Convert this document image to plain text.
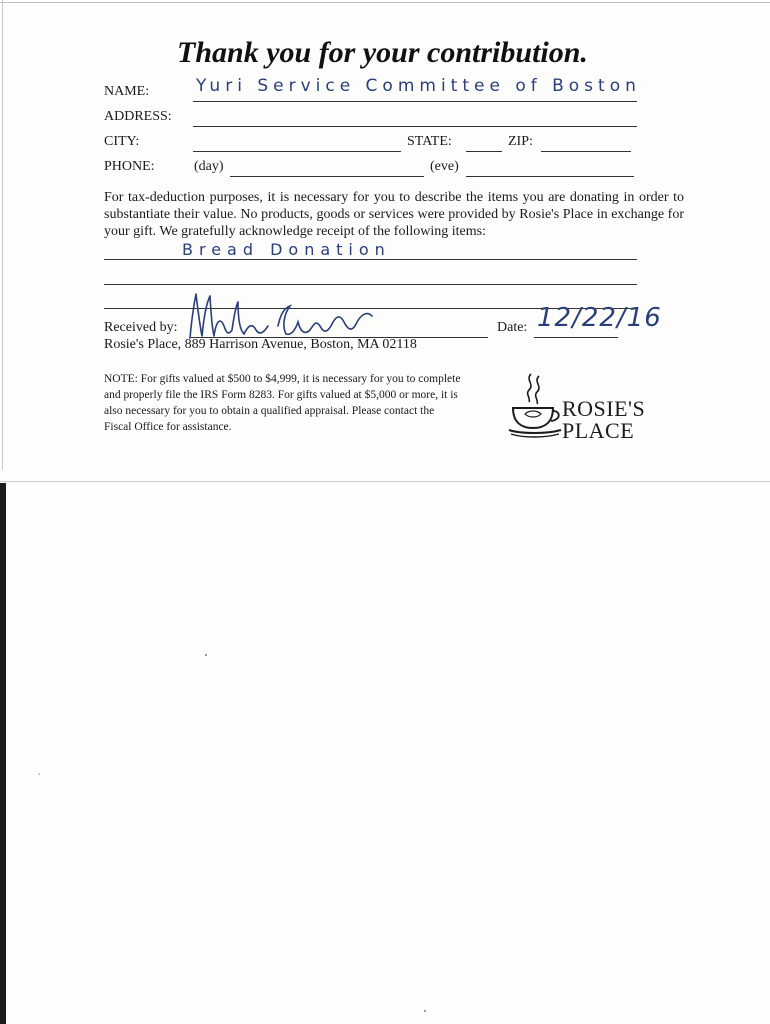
Thank you for your contribution.
NAME:	Yuri Service Committee of Boston
ADDRESS:
CITY:	STATE:	ZIP:
PHONE:	(day)	(eve)
For tax-deduction purposes, it is necessary for you to describe the items you are donating in order to substantiate their value. No products, goods or services were provided by Rosie's Place in exchange for your gift. We gratefully acknowledge receipt of the following items:
Bread Donation
Received by:	Date: 12/22/16
Rosie's Place, 889 Harrison Avenue, Boston, MA 02118
NOTE: For gifts valued at $500 to $4,999, it is necessary for you to complete and properly file the IRS Form 8283. For gifts valued at $5,000 or more, it is also necessary for you to obtain a qualified appraisal. Please contact the Fiscal Office for assistance.
ROSIE'S
PLACE
